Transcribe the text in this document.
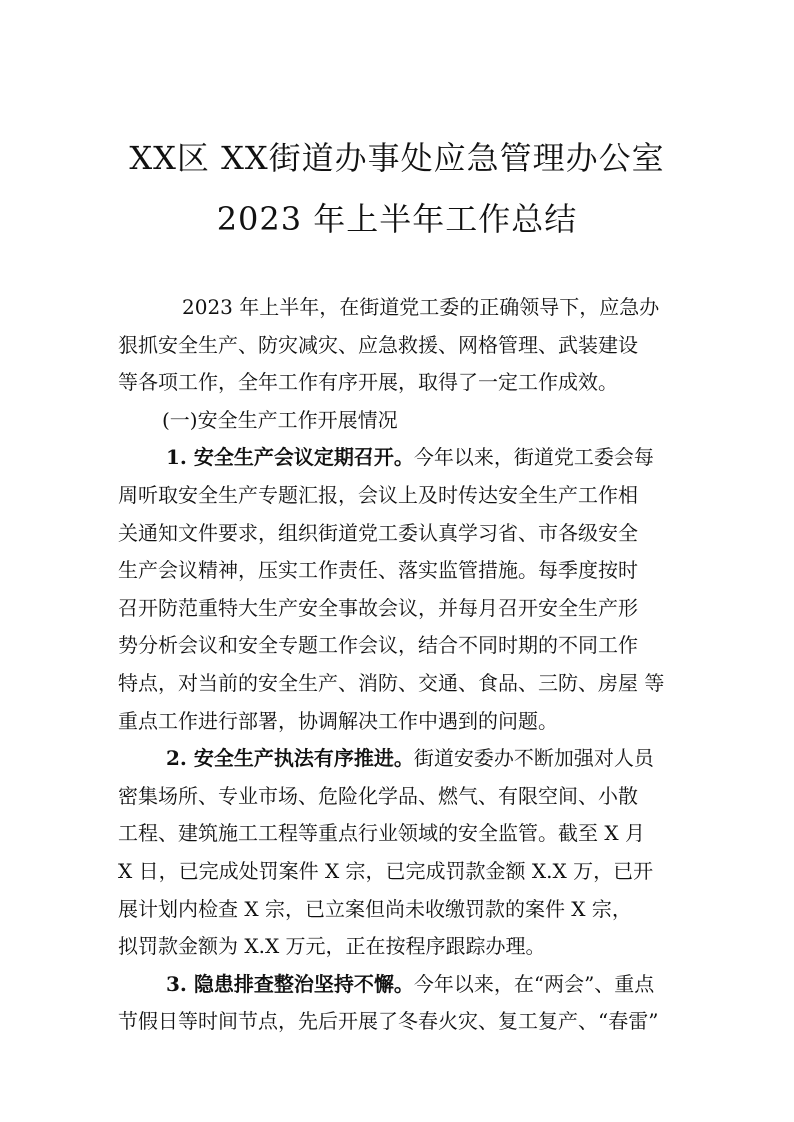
XX区 XX街道办事处应急管理办公室
2023 年上半年工作总结
2023 年上半年，在街道党工委的正确领导下，应急办
狠抓安全生产、防灾减灾、应急救援、网格管理、武装建设
等各项工作，全年工作有序开展，取得了一定工作成效。
(一)安全生产工作开展情况
1. 安全生产会议定期召开。今年以来，街道党工委会每
周听取安全生产专题汇报，会议上及时传达安全生产工作相
关通知文件要求，组织街道党工委认真学习省、市各级安全
生产会议精神，压实工作责任、落实监管措施。每季度按时
召开防范重特大生产安全事故会议，并每月召开安全生产形
势分析会议和安全专题工作会议，结合不同时期的不同工作
特点，对当前的安全生产、消防、交通、食品、三防、房屋 等
重点工作进行部署，协调解决工作中遇到的问题。
2. 安全生产执法有序推进。街道安委办不断加强对人员
密集场所、专业市场、危险化学品、燃气、有限空间、小散
工程、建筑施工工程等重点行业领域的安全监管。截至 X 月
X 日，已完成处罚案件 X 宗，已完成罚款金额 X.X 万，已开
展计划内检查 X 宗，已立案但尚未收缴罚款的案件 X 宗，
拟罚款金额为 X.X 万元，正在按程序跟踪办理。
3. 隐患排查整治坚持不懈。今年以来，在“两会”、重点
节假日等时间节点，先后开展了冬春火灾、复工复产、“春雷”
